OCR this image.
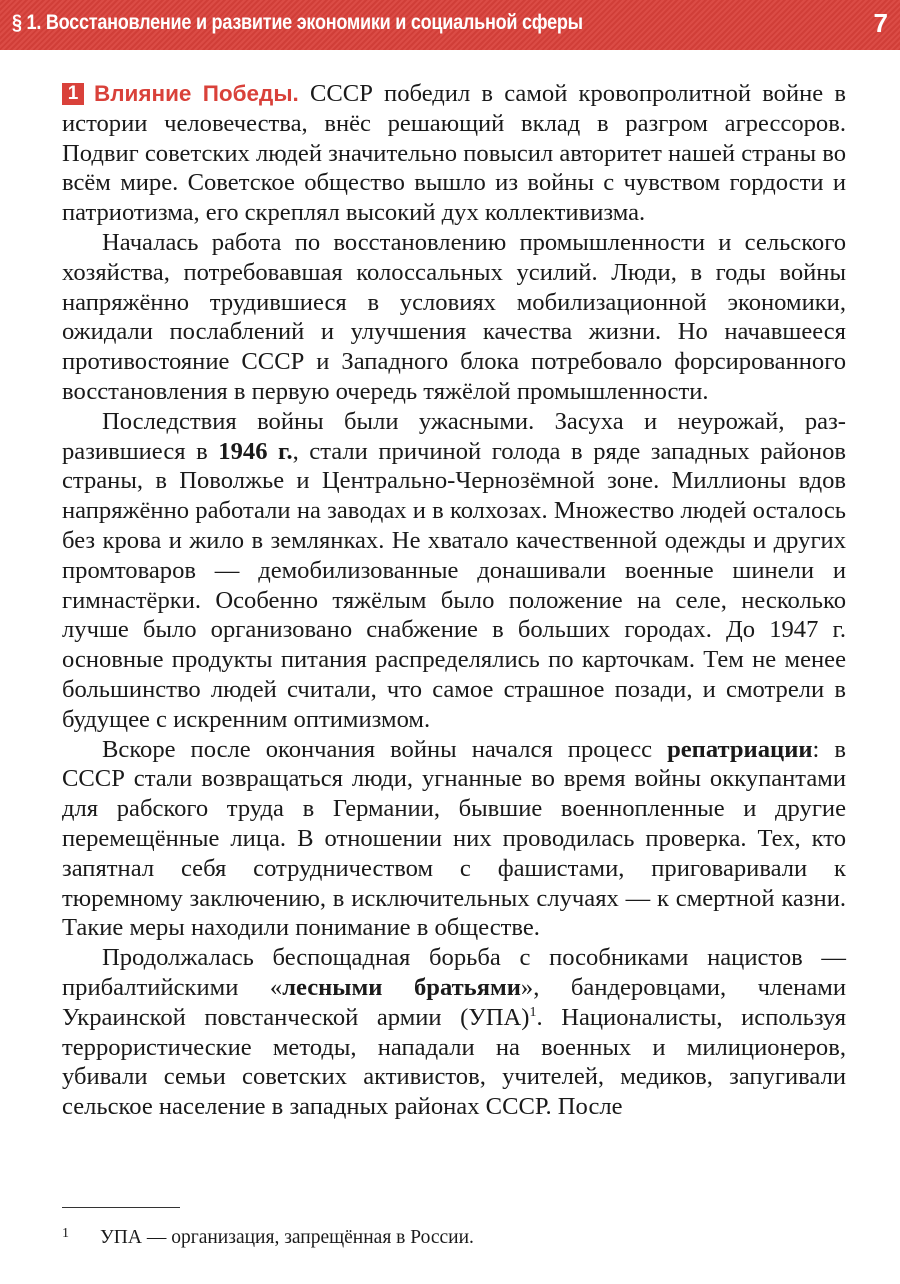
§ 1. Восстановление и развитие экономики и социальной сферы	7

1 Влияние Победы. СССР победил в самой кровопролитной войне в истории человечества, внёс решающий вклад в разгром агрессоров. Подвиг советских людей значительно повысил авторитет нашей страны во всём мире. Советское общество вышло из войны с чувством гордости и патриотизма, его скреплял высокий дух коллективизма.

Началась работа по восстановлению промышленности и сельского хозяйства, потребовавшая колоссальных усилий. Люди, в годы войны напряжённо трудившиеся в условиях мобилизационной экономики, ожидали послаблений и улучшения качества жизни. Но начавшееся противостояние СССР и Западного блока потребовало форсированного восстановления в первую очередь тяжёлой промышленности.

Последствия войны были ужасными. Засуха и неурожай, разразившиеся в 1946 г., стали причиной голода в ряде западных районов страны, в Поволжье и Центрально-Чернозёмной зоне. Миллионы вдов напряжённо работали на заводах и в колхозах. Множество людей осталось без крова и жило в землянках. Не хватало качественной одежды и других промтоваров — демобилизованные донашивали военные шинели и гимнастёрки. Особенно тяжёлым было положение на селе, несколько лучше было организовано снабжение в больших городах. До 1947 г. основные продукты питания распределялись по карточкам. Тем не менее большинство людей считали, что самое страшное позади, и смотрели в будущее с искренним оптимизмом.

Вскоре после окончания войны начался процесс репатриации: в СССР стали возвращаться люди, угнанные во время войны оккупантами для рабского труда в Германии, бывшие военнопленные и другие перемещённые лица. В отношении них проводилась проверка. Тех, кто запятнал себя сотрудничеством с фашистами, приговаривали к тюремному заключению, в исключительных случаях — к смертной казни. Такие меры находили понимание в обществе.

Продолжалась беспощадная борьба с пособниками нацистов — прибалтийскими «лесными братьями», бандеровцами, членами Украинской повстанческой армии (УПА)$^1$. Националисты, используя террористические методы, нападали на военных и милиционеров, убивали семьи советских активистов, учителей, медиков, запугивали сельское население в западных районах СССР. После

1 УПА — организация, запрещённая в России.
